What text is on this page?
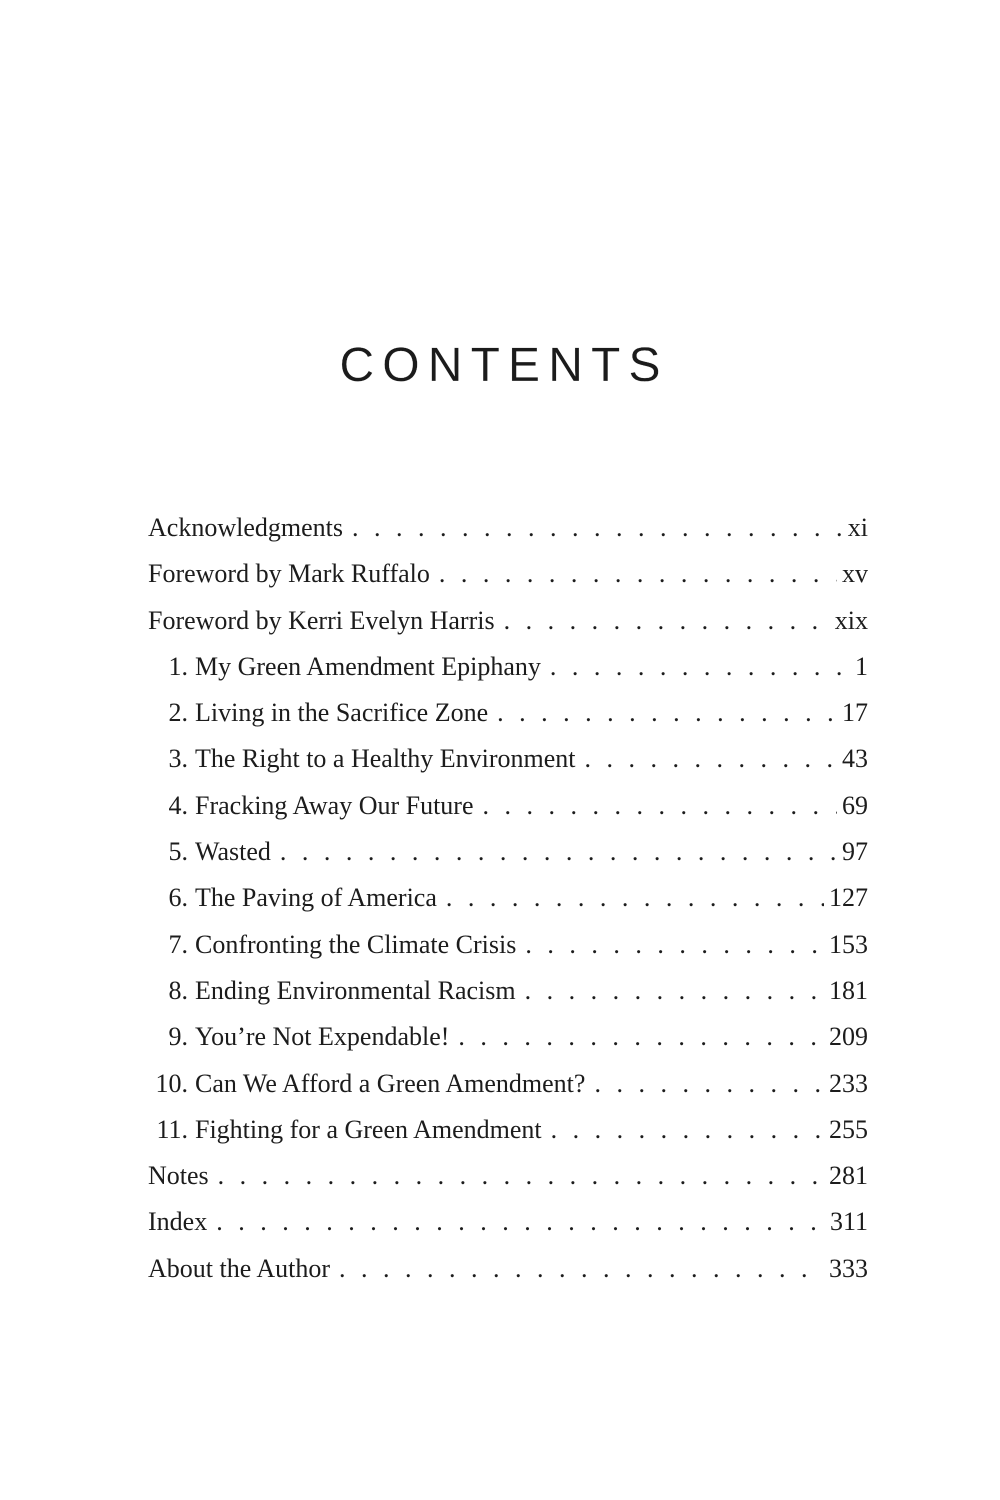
CONTENTS
Acknowledgments . . .	xi
Foreword by Mark Ruffalo . . .	xv
Foreword by Kerri Evelyn Harris . . .	xix
1. My Green Amendment Epiphany . . .	1
2. Living in the Sacrifice Zone . . .	17
3. The Right to a Healthy Environment . . .	43
4. Fracking Away Our Future . . .	69
5. Wasted . . .	97
6. The Paving of America . . .	127
7. Confronting the Climate Crisis . . .	153
8. Ending Environmental Racism . . .	181
9. You’re Not Expendable! . . .	209
10. Can We Afford a Green Amendment? . . .	233
11. Fighting for a Green Amendment . . .	255
Notes . . .	281
Index . . .	311
About the Author . . .	333
